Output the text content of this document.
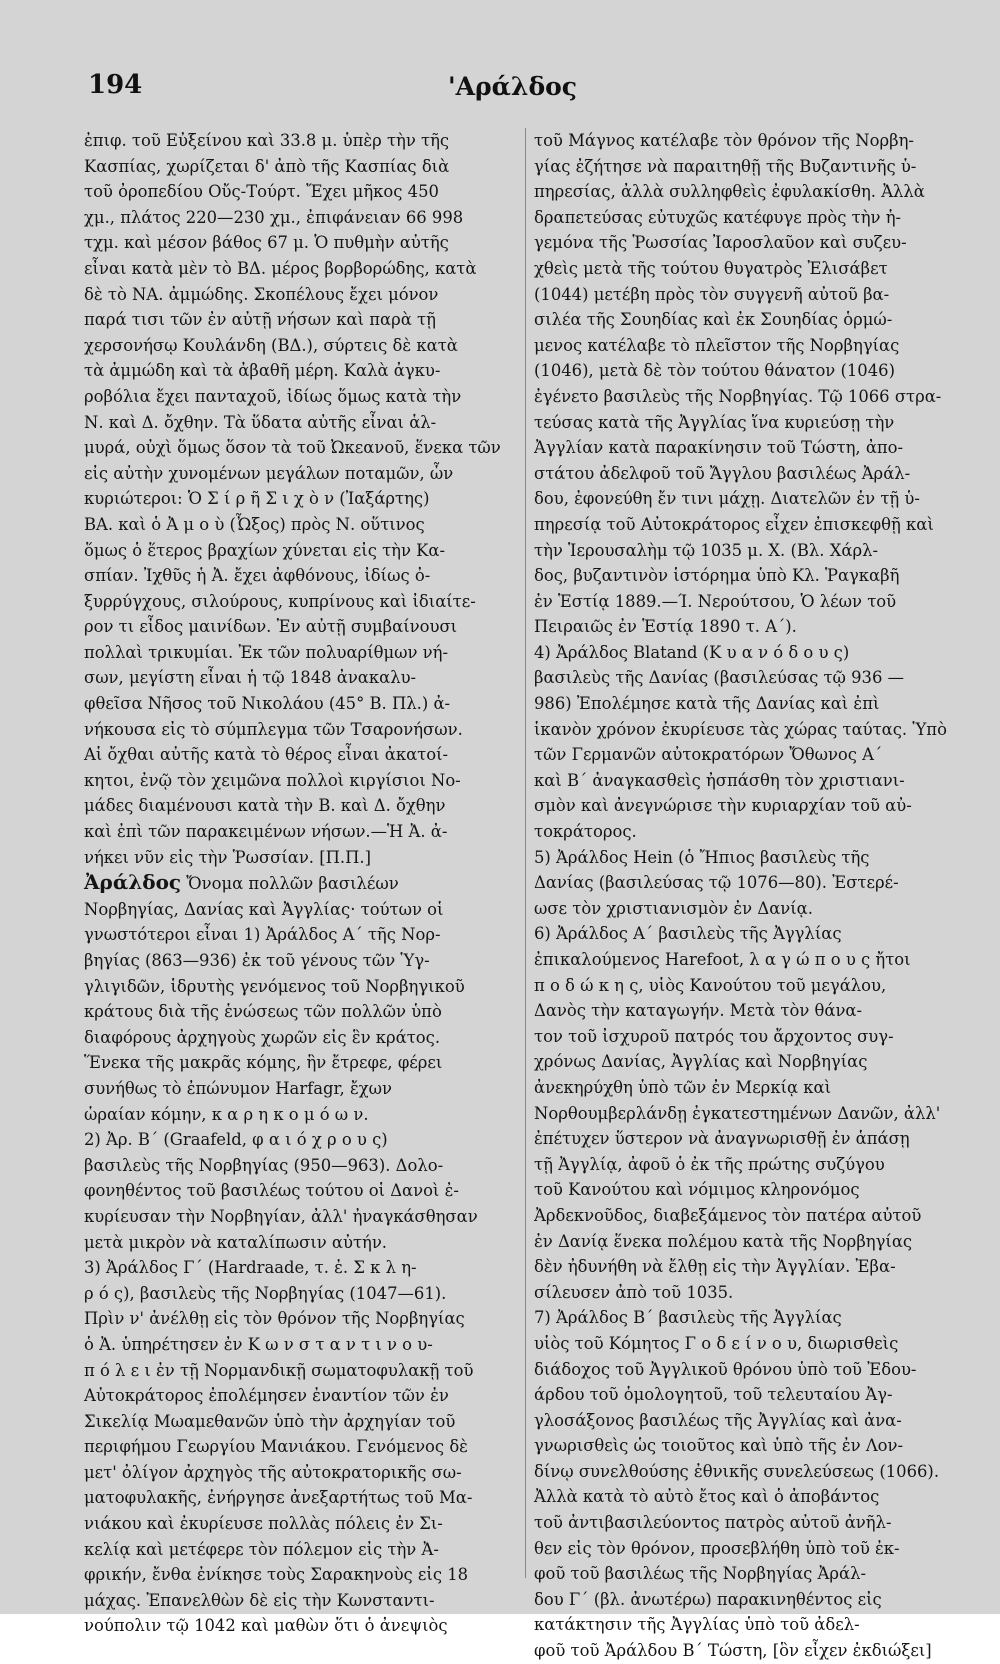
194	'Αράλδος
ἐπιφ. τοῦ Εὐξείνου καὶ 33.8 μ. ὑπὲρ τὴν τῆς
Κασπίας, χωρίζεται δ' ἀπὸ τῆς Κασπίας διὰ
τοῦ ὀροπεδίου Οὔς-Τούρτ. Ἔχει μῆκος 450
χμ., πλάτος 220—230 χμ., ἐπιφάνειαν 66 998
τχμ. καὶ μέσον βάθος 67 μ. Ὁ πυθμὴν αὐτῆς
εἶναι κατὰ μὲν τὸ ΒΔ. μέρος βορβορώδης, κατὰ
δὲ τὸ ΝΑ. ἀμμώδης. Σκοπέλους ἔχει μόνον
παρά τισι τῶν ἐν αὐτῇ νήσων καὶ παρὰ τῇ
χερσονήσῳ Κουλάνδη (ΒΔ.), σύρτεις δὲ κατὰ
τὰ ἀμμώδη καὶ τὰ ἀβαθῆ μέρη. Καλὰ ἀγκυ-
ροβόλια ἔχει πανταχοῦ, ἰδίως ὅμως κατὰ τὴν
Ν. καὶ Δ. ὄχθην. Τὰ ὕδατα αὐτῆς εἶναι ἁλ-
μυρά, οὐχὶ ὅμως ὅσον τὰ τοῦ Ὠκεανοῦ, ἕνεκα τῶν
εἰς αὐτὴν χυνομένων μεγάλων ποταμῶν, ὧν
κυριώτεροι: Ὁ Σ ί ρ ῆ Σ ι χ ὸ ν (Ἰαξάρτης)
ΒΑ. καὶ ὁ Ἀ μ ο ὺ (Ὦξος) πρὸς Ν. οὕτινος
ὅμως ὁ ἕτερος βραχίων χύνεται εἰς τὴν Κα-
σπίαν. Ἰχθῦς ἡ Ἀ. ἔχει ἀφθόνους, ἰδίως ὀ-
ξυρρύγχους, σιλούρους, κυπρίνους καὶ ἰδιαίτε-
ρον τι εἶδος μαινίδων. Ἐν αὐτῇ συμβαίνουσι
πολλαὶ τρικυμίαι. Ἐκ τῶν πολυαρίθμων νή-
σων, μεγίστη εἶναι ἡ τῷ 1848 ἀνακαλυ-
φθεῖσα Νῆσος τοῦ Νικολάου (45° Β. Πλ.) ἀ-
νήκουσα εἰς τὸ σύμπλεγμα τῶν Τσαρονήσων.
Αἱ ὄχθαι αὐτῆς κατὰ τὸ θέρος εἶναι ἀκατοί-
κητοι, ἐνῷ τὸν χειμῶνα πολλοὶ κιργίσιοι Νο-
μάδες διαμένουσι κατὰ τὴν Β. καὶ Δ. ὄχθην
καὶ ἐπὶ τῶν παρακειμένων νήσων.—Ἡ Ἀ. ἀ-
νήκει νῦν εἰς τὴν Ῥωσσίαν. [Π.Π.]
Ἀράλδος Ὄνομα πολλῶν βασιλέων
Νορβηγίας, Δανίας καὶ Ἀγγλίας· τούτων οἱ
γνωστότεροι εἶναι 1) Ἀράλδος Α΄ τῆς Νορ-
βηγίας (863—936) ἐκ τοῦ γένους τῶν Ὑγ-
γλιγιδῶν, ἱδρυτὴς γενόμενος τοῦ Νορβηγικοῦ
κράτους διὰ τῆς ἑνώσεως τῶν πολλῶν ὑπὸ
διαφόρους ἀρχηγοὺς χωρῶν εἰς ἓν κράτος.
Ἕνεκα τῆς μακρᾶς κόμης, ἣν ἔτρεφε, φέρει
συνήθως τὸ ἐπώνυμον Harfagr, ἔχων
ὡραίαν κόμην, κ α ρ η κ ο μ ό ω ν.
2) Ἀρ. Β΄ (Graafeld, φ α ι ό χ ρ ο υ ς)
βασιλεὺς τῆς Νορβηγίας (950—963). Δολο-
φονηθέντος τοῦ βασιλέως τούτου οἱ Δανοὶ ἐ-
κυρίευσαν τὴν Νορβηγίαν, ἀλλ' ἠναγκάσθησαν
μετὰ μικρὸν νὰ καταλίπωσιν αὐτήν.
3) Ἀράλδος Γ΄ (Hardraade, τ. ἐ. Σ κ λ η-
ρ ό ς), βασιλεὺς τῆς Νορβηγίας (1047—61).
Πρὶν ν' ἀνέλθῃ εἰς τὸν θρόνον τῆς Νορβηγίας
ὁ Ἀ. ὑπηρέτησεν ἐν Κ ω ν σ τ α ν τ ι ν ο υ-
π ό λ ε ι ἐν τῇ Νορμανδικῇ σωματοφυλακῇ τοῦ
Αὐτοκράτορος ἐπολέμησεν ἐναντίον τῶν ἐν
Σικελίᾳ Μωαμεθανῶν ὑπὸ τὴν ἀρχηγίαν τοῦ
περιφήμου Γεωργίου Μανιάκου. Γενόμενος δὲ
μετ' ὀλίγον ἀρχηγὸς τῆς αὐτοκρατορικῆς σω-
ματοφυλακῆς, ἐνήργησε ἀνεξαρτήτως τοῦ Μα-
νιάκου καὶ ἐκυρίευσε πολλὰς πόλεις ἐν Σι-
κελίᾳ καὶ μετέφερε τὸν πόλεμον εἰς τὴν Ἀ-
φρικήν, ἔνθα ἐνίκησε τοὺς Σαρακηνοὺς εἰς 18
μάχας. Ἐπανελθὼν δὲ εἰς τὴν Κωνσταντι-
νούπολιν τῷ 1042 καὶ μαθὼν ὅτι ὁ ἀνεψιὸς
τοῦ Μάγνος κατέλαβε τὸν θρόνον τῆς Νορβη-
γίας ἐζήτησε νὰ παραιτηθῇ τῆς Βυζαντινῆς ὑ-
πηρεσίας, ἀλλὰ συλληφθεὶς ἐφυλακίσθη. Ἀλλὰ
δραπετεύσας εὐτυχῶς κατέφυγε πρὸς τὴν ἡ-
γεμόνα τῆς Ῥωσσίας Ἰαροσλαῦον καὶ συζευ-
χθεὶς μετὰ τῆς τούτου θυγατρὸς Ἐλισάβετ
(1044) μετέβη πρὸς τὸν συγγενῆ αὐτοῦ βα-
σιλέα τῆς Σουηδίας καὶ ἐκ Σουηδίας ὁρμώ-
μενος κατέλαβε τὸ πλεῖστον τῆς Νορβηγίας
(1046), μετὰ δὲ τὸν τούτου θάνατον (1046)
ἐγένετο βασιλεὺς τῆς Νορβηγίας. Τῷ 1066 στρα-
τεύσας κατὰ τῆς Ἀγγλίας ἵνα κυριεύσῃ τὴν
Ἀγγλίαν κατὰ παρακίνησιν τοῦ Τώστη, ἀπο-
στάτου ἀδελφοῦ τοῦ Ἄγγλου βασιλέως Ἀράλ-
δου, ἐφονεύθη ἔν τινι μάχῃ. Διατελῶν ἐν τῇ ὑ-
πηρεσίᾳ τοῦ Αὐτοκράτορος εἶχεν ἐπισκεφθῇ καὶ
τὴν Ἱερουσαλὴμ τῷ 1035 μ. Χ. (Βλ. Χάρλ-
δος, βυζαντινὸν ἱστόρημα ὑπὸ Κλ. Ῥαγκαβῆ
ἐν Ἑστίᾳ 1889.—Ί. Νερούτσου, Ὁ λέων τοῦ
Πειραιῶς ἐν Ἑστίᾳ 1890 τ. Α΄).
4) Ἀράλδος Blatand (Κ υ α ν ό δ ο υ ς)
βασιλεὺς τῆς Δανίας (βασιλεύσας τῷ 936 —
986) Ἐπολέμησε κατὰ τῆς Δανίας καὶ ἐπὶ
ἱκανὸν χρόνον ἐκυρίευσε τὰς χώρας ταύτας. Ὑπὸ
τῶν Γερμανῶν αὐτοκρατόρων Ὄθωνος Α΄
καὶ Β΄ ἀναγκασθεὶς ἠσπάσθη τὸν χριστιανι-
σμὸν καὶ ἀνεγνώρισε τὴν κυριαρχίαν τοῦ αὐ-
τοκράτορος.
5) Ἀράλδος Hein (ὁ Ἤπιος βασιλεὺς τῆς
Δανίας (βασιλεύσας τῷ 1076—80). Ἐστερέ-
ωσε τὸν χριστιανισμὸν ἐν Δανίᾳ.
6) Ἀράλδος Α΄ βασιλεὺς τῆς Ἀγγλίας
ἐπικαλούμενος Harefoot, λ α γ ώ π ο υ ς ἤτοι
π ο δ ώ κ η ς, υἱὸς Κανούτου τοῦ μεγάλου,
Δανὸς τὴν καταγωγήν. Μετὰ τὸν θάνα-
τον τοῦ ἰσχυροῦ πατρός του ἄρχοντος συγ-
χρόνως Δανίας, Ἀγγλίας καὶ Νορβηγίας
ἀνεκηρύχθη ὑπὸ τῶν ἐν Μερκίᾳ καὶ
Νορθουμβερλάνδῃ ἐγκατεστημένων Δανῶν, ἀλλ'
ἐπέτυχεν ὕστερον νὰ ἀναγνωρισθῇ ἐν ἁπάσῃ
τῇ Ἀγγλίᾳ, ἀφοῦ ὁ ἐκ τῆς πρώτης συζύγου
τοῦ Κανούτου καὶ νόμιμος κληρονόμος
Ἀρδεκνοῦδος, διαβεξάμενος τὸν πατέρα αὐτοῦ
ἐν Δανίᾳ ἕνεκα πολέμου κατὰ τῆς Νορβηγίας
δὲν ἠδυνήθη νὰ ἔλθῃ εἰς τὴν Ἀγγλίαν. Ἐβα-
σίλευσεν ἀπὸ τοῦ 1035.
7) Ἀράλδος Β΄ βασιλεὺς τῆς Ἀγγλίας
υἱὸς τοῦ Κόμητος Γ ο δ ε ί ν ο υ, διωρισθεὶς
διάδοχος τοῦ Ἀγγλικοῦ θρόνου ὑπὸ τοῦ Ἐδου-
άρδου τοῦ ὁμολογητοῦ, τοῦ τελευταίου Ἀγ-
γλοσάξονος βασιλέως τῆς Ἀγγλίας καὶ ἀνα-
γνωρισθεὶς ὡς τοιοῦτος καὶ ὑπὸ τῆς ἐν Λον-
δίνῳ συνελθούσης ἐθνικῆς συνελεύσεως (1066).
Ἀλλὰ κατὰ τὸ αὐτὸ ἔτος καὶ ὁ ἀποβάντος
τοῦ ἀντιβασιλεύοντος πατρὸς αὐτοῦ ἀνῆλ-
θεν εἰς τὸν θρόνον, προσεβλήθη ὑπὸ τοῦ ἐκ-
φοῦ τοῦ βασιλέως τῆς Νορβηγίας Ἀράλ-
δου Γ΄ (βλ. ἀνωτέρω) παρακινηθέντος εἰς
κατάκτησιν τῆς Ἀγγλίας ὑπὸ τοῦ ἀδελ-
φοῦ τοῦ Ἀράλδου Β΄ Τώστη, [ὃν εἶχεν ἐκδιώξει]
